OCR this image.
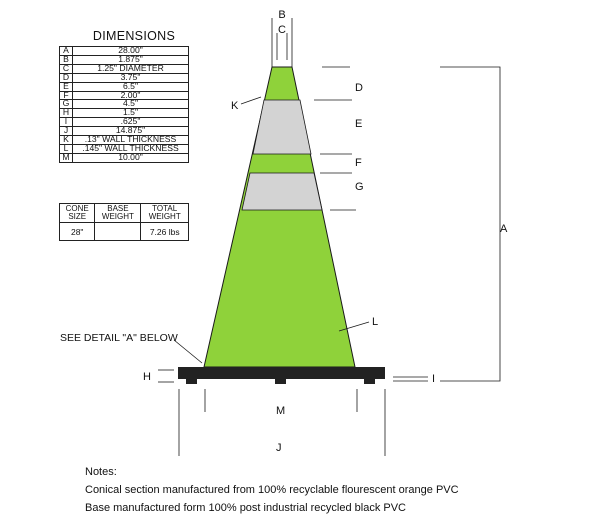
B
C
D
E
F
G
A
K
L
H	I
M
J
DIMENSIONS
A	28.00"
B	1.875"
C	1.25" DIAMETER
D	3.75"
E	6.5"
F	2.00"
G	4.5"
H	1.5"
I	.625"
J	14.875"
K	.13" WALL THICKNESS
L	.145" WALL THICKNESS
M	10.00"
CONE SIZE	BASE WEIGHT	TOTAL WEIGHT
28"		7.26 lbs
SEE DETAIL "A" BELOW
Notes:
Conical section manufactured from 100% recyclable flourescent orange PVC
Base manufactured form 100% post industrial recycled black PVC
